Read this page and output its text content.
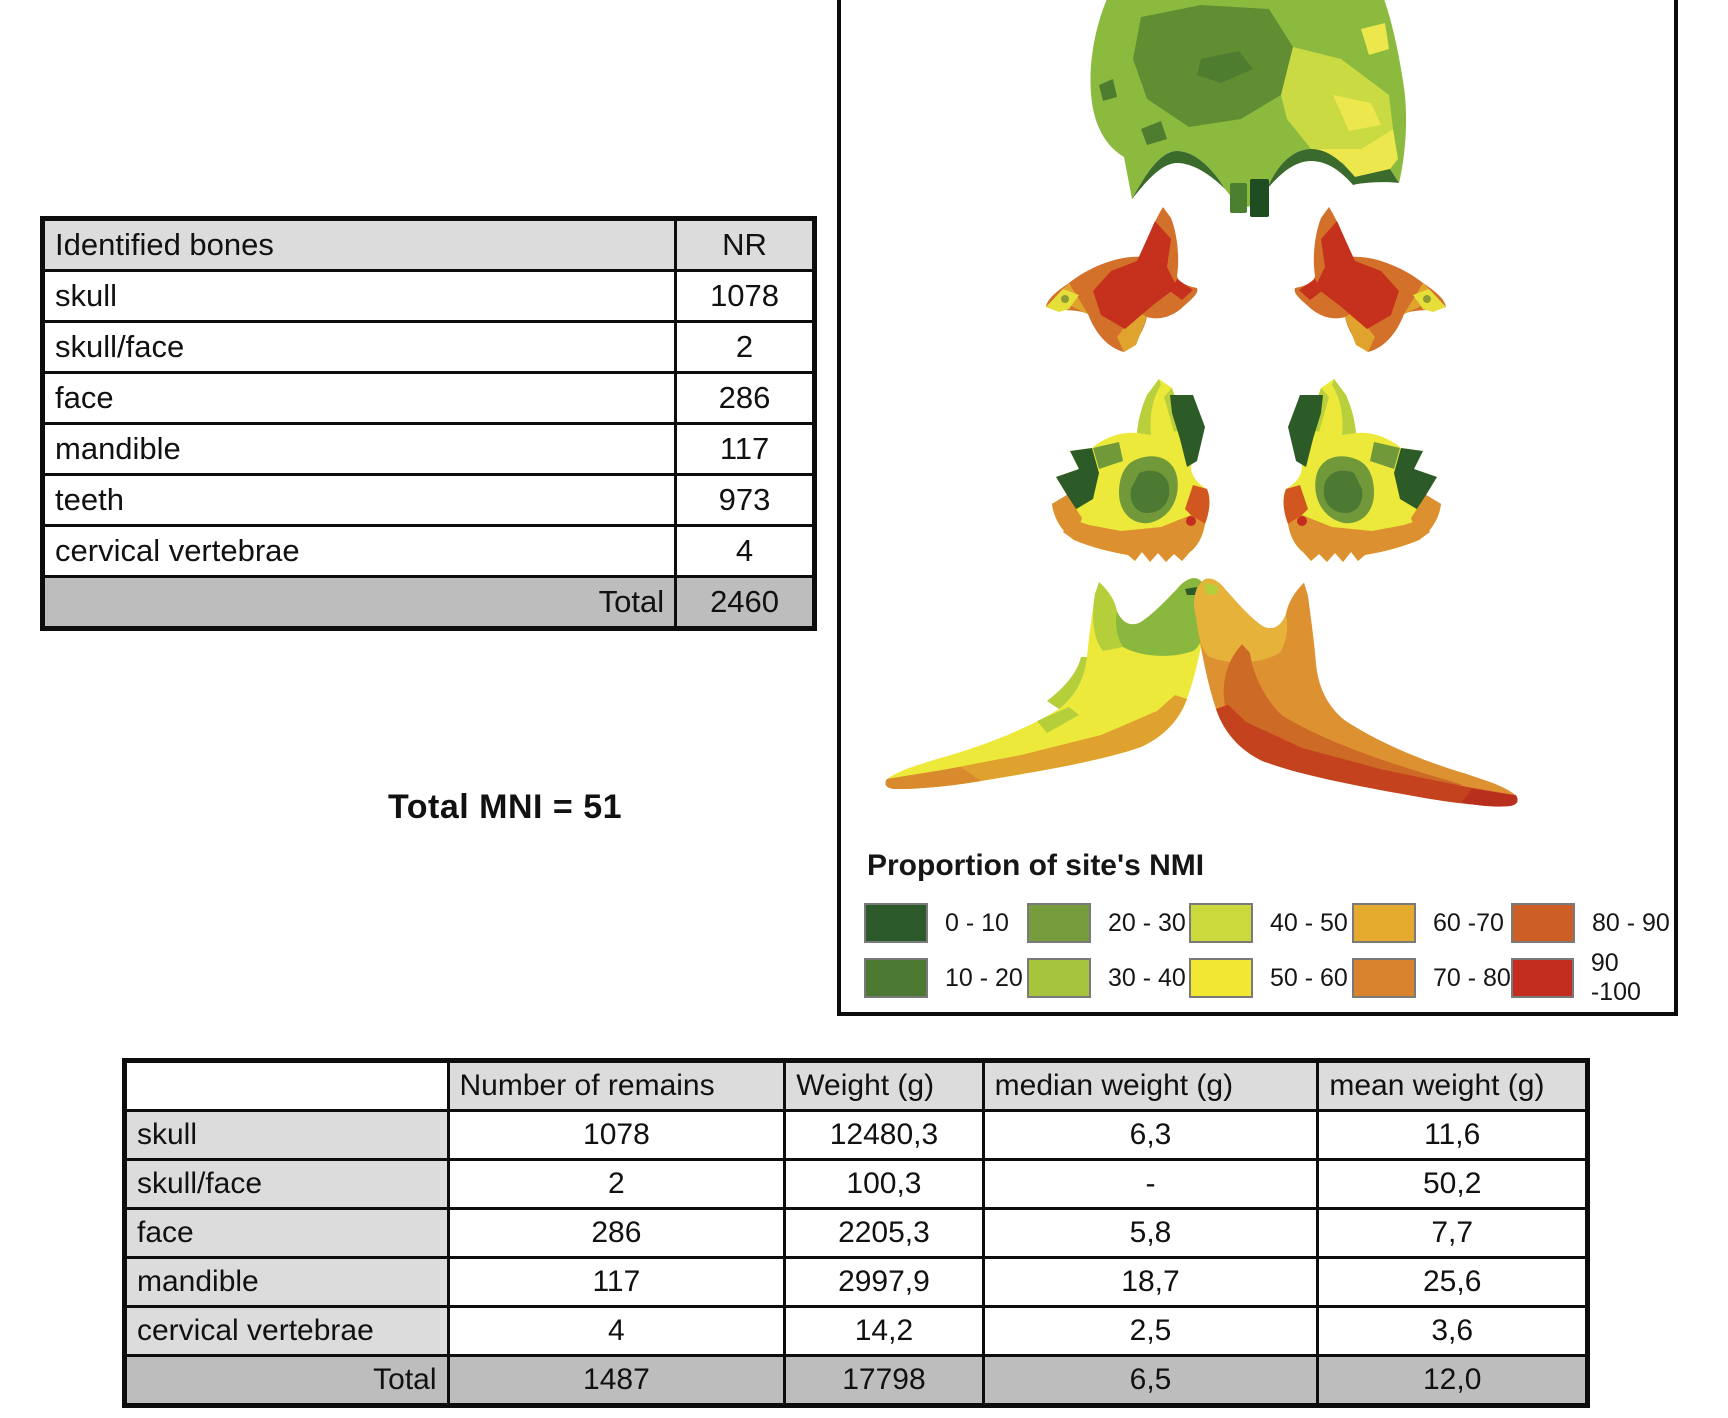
Identified bones	NR
skull	1078
skull/face	2
face	286
mandible	117
teeth	973
cervical vertebrae	4
Total	2460
Total MNI = 51
Proportion of site's NMI
0 - 10
10 - 20
20 - 30
30 - 40
40 - 50
50 - 60
60 -70
70 - 80
80 - 90
90 -100
	Number of remains	Weight (g)	median weight (g)	mean weight (g)
skull	1078	12480,3	6,3	11,6
skull/face	2	100,3	-	50,2
face	286	2205,3	5,8	7,7
mandible	117	2997,9	18,7	25,6
cervical vertebrae	4	14,2	2,5	3,6
Total	1487	17798	6,5	12,0
